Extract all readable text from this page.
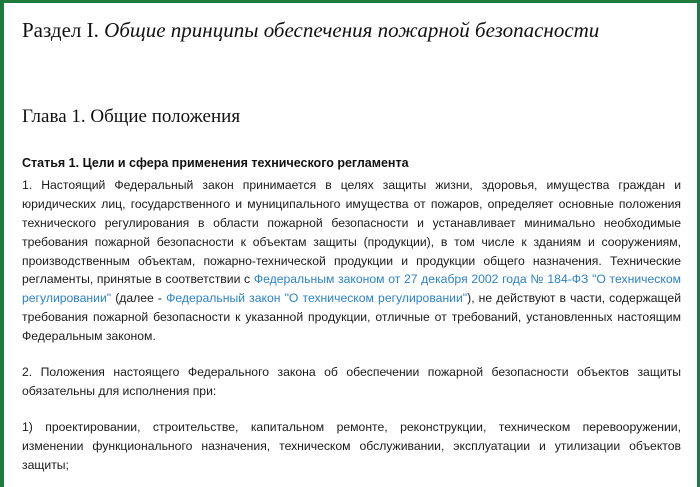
Раздел I. Общие принципы обеспечения пожарной безопасности
Глава 1. Общие положения
Статья 1. Цели и сфера применения технического регламента

1. Настоящий Федеральный закон принимается в целях защиты жизни, здоровья, имущества граждан и юридических лиц, государственного и муниципального имущества от пожаров, определяет основные положения технического регулирования в области пожарной безопасности и устанавливает минимально необходимые требования пожарной безопасности к объектам защиты (продукции), в том числе к зданиям и сооружениям, производственным объектам, пожарно-технической продукции и продукции общего назначения. Технические регламенты, принятые в соответствии с Федеральным законом от 27 декабря 2002 года № 184-ФЗ "О техническом регулировании" (далее - Федеральный закон "О техническом регулировании"), не действуют в части, содержащей требования пожарной безопасности к указанной продукции, отличные от требований, установленных настоящим Федеральным законом.

2. Положения настоящего Федерального закона об обеспечении пожарной безопасности объектов защиты обязательны для исполнения при:

1) проектировании, строительстве, капитальном ремонте, реконструкции, техническом перевооружении, изменении функционального назначения, техническом обслуживании, эксплуатации и утилизации объектов защиты;
